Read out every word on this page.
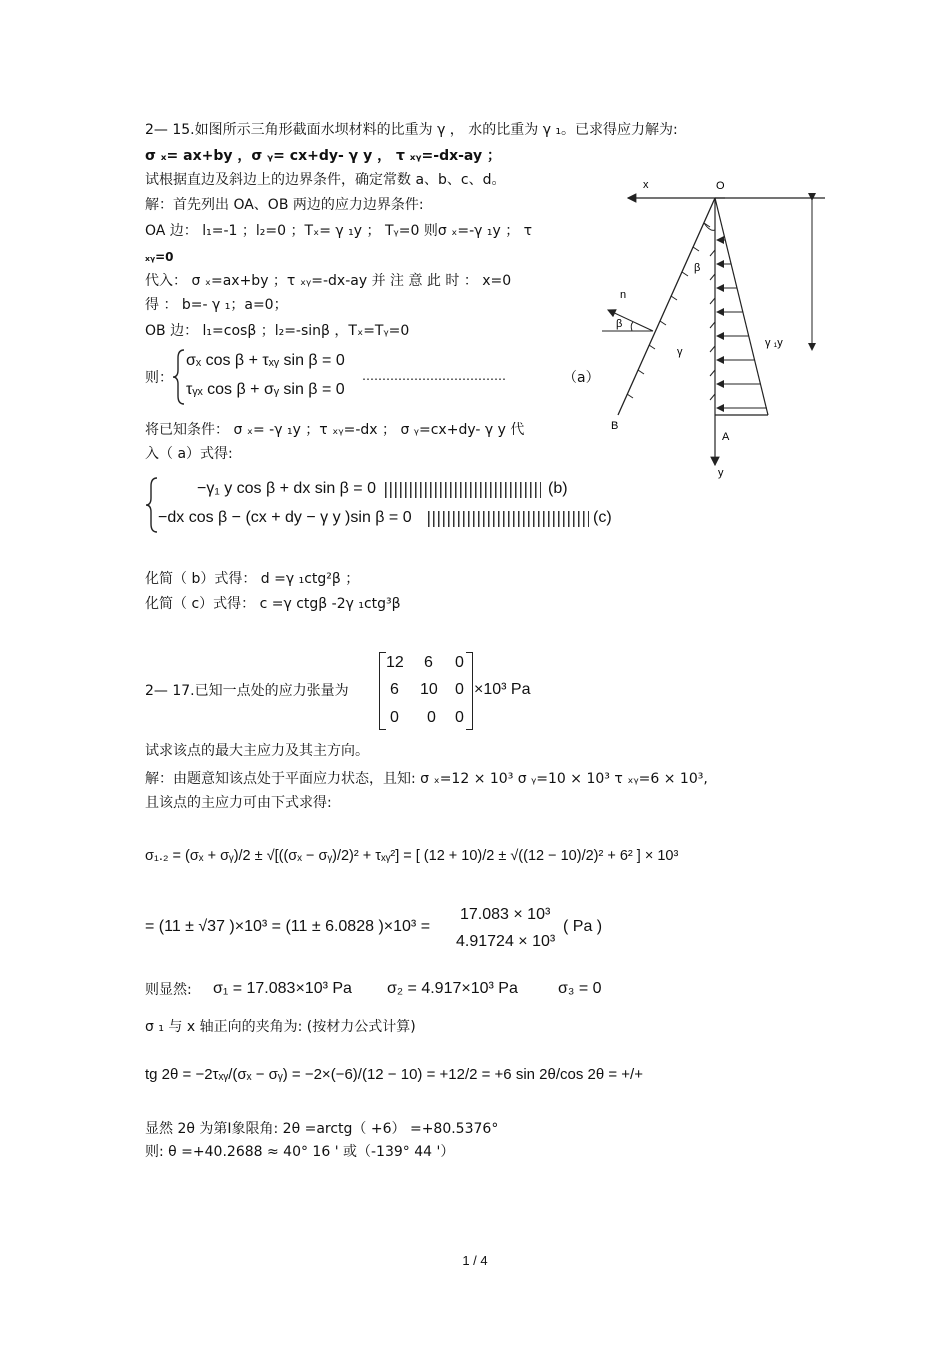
2— 15.如图所示三角形截面水坝材料的比重为 γ ， 水的比重为 γ ₁。已求得应力解为:
σ ₓ= ax+by ，σ ᵧ= cx+dy- γ y ， τ ₓᵧ=-dx-ay ；
试根据直边及斜边上的边界条件，确定常数 a、b、c、d。
解：首先列出 OA、OB 两边的应力边界条件:
OA 边： l₁=-1 ；l₂=0 ；Tₓ= γ ₁y ； Tᵧ=0 则σ ₓ=-γ ₁y ； τ
ₓᵧ=0
代入： σ ₓ=ax+by ；τ ₓᵧ=-dx-ay 并 注 意 此 时 ： x=0
得 ： b=- γ ₁；a=0；
OB 边： l₁=cosβ ；l₂=-sinβ ，Tₓ=Tᵧ=0
则：
σₓ cos β + τₓᵧ sin β = 0
τᵧₓ cos β + σᵧ sin β = 0
………………………………	（a）
将已知条件： σ ₓ= -γ ₁y ；τ ₓᵧ=-dx ； σ ᵧ=cx+dy- γ y 代
入（ a）式得:
−γ₁ y cos β + dx sin β = 0
−dx cos β − (cx + dy − γ y )sin β = 0
(b)
(c)
化简（ b）式得： d =γ ₁ctg²β ；
化简（ c）式得： c =γ ctgβ -2γ ₁ctg³β
x	O
y
n
β
β
γ
γ ₁y
A
B
2— 17.已知一点处的应力张量为
12 6 0
6 10 0
0 0 0
×10³ Pa
试求该点的最大主应力及其主方向。
解：由题意知该点处于平面应力状态，且知: σ ₓ=12 × 10³ σ ᵧ=10 × 10³ τ ₓᵧ=6 × 10³,
且该点的主应力可由下式求得:
σ₁.₂ = (σₓ + σᵧ)/2 ± √[((σₓ − σᵧ)/2)² + τₓᵧ²] = [ (12 + 10)/2 ± √((12 − 10)/2)² + 6² ] × 10³
= (11 ± √37 )×10³ = (11 ± 6.0828 )×10³ =
17.083 × 10³
4.91724 × 10³
( Pa )
则显然: σ₁ = 17.083×10³ Pa σ₂ = 4.917×10³ Pa	σ₃ = 0
σ ₁ 与 x 轴正向的夹角为: (按材力公式计算)
tg 2θ = −2τₓᵧ/(σₓ − σᵧ) = −2×(−6)/(12 − 10) = +12/2 = +6 sin 2θ/cos 2θ = +/+
显然 2θ 为第Ⅰ象限角: 2θ =arctg（ +6） =+80.5376°
则: θ =+40.2688 ≈ 40° 16 ' 或（-139° 44 '）
1 / 4
